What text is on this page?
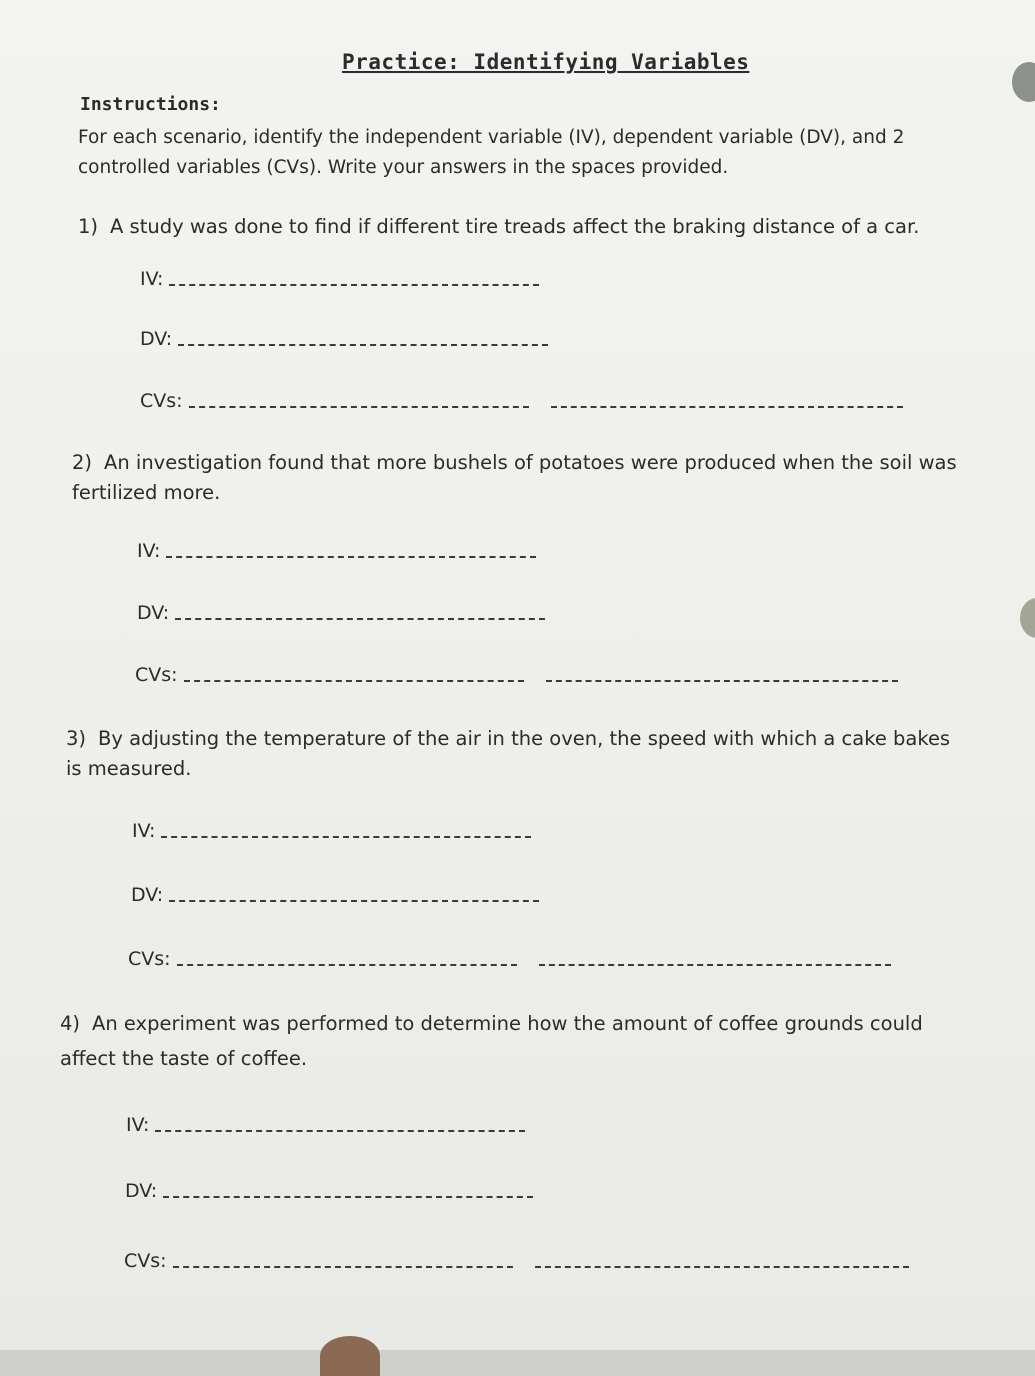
Practice: Identifying Variables
Instructions:
For each scenario, identify the independent variable (IV), dependent variable (DV), and 2 controlled variables (CVs). Write your answers in the spaces provided.
1) A study was done to find if different tire treads affect the braking distance of a car.
IV:
DV:
CVs:
2) An investigation found that more bushels of potatoes were produced when the soil was fertilized more.
IV:
DV:
CVs:
3) By adjusting the temperature of the air in the oven, the speed with which a cake bakes is measured.
IV:
DV:
CVs:
4) An experiment was performed to determine how the amount of coffee grounds could affect the taste of coffee.
IV:
DV:
CVs:
